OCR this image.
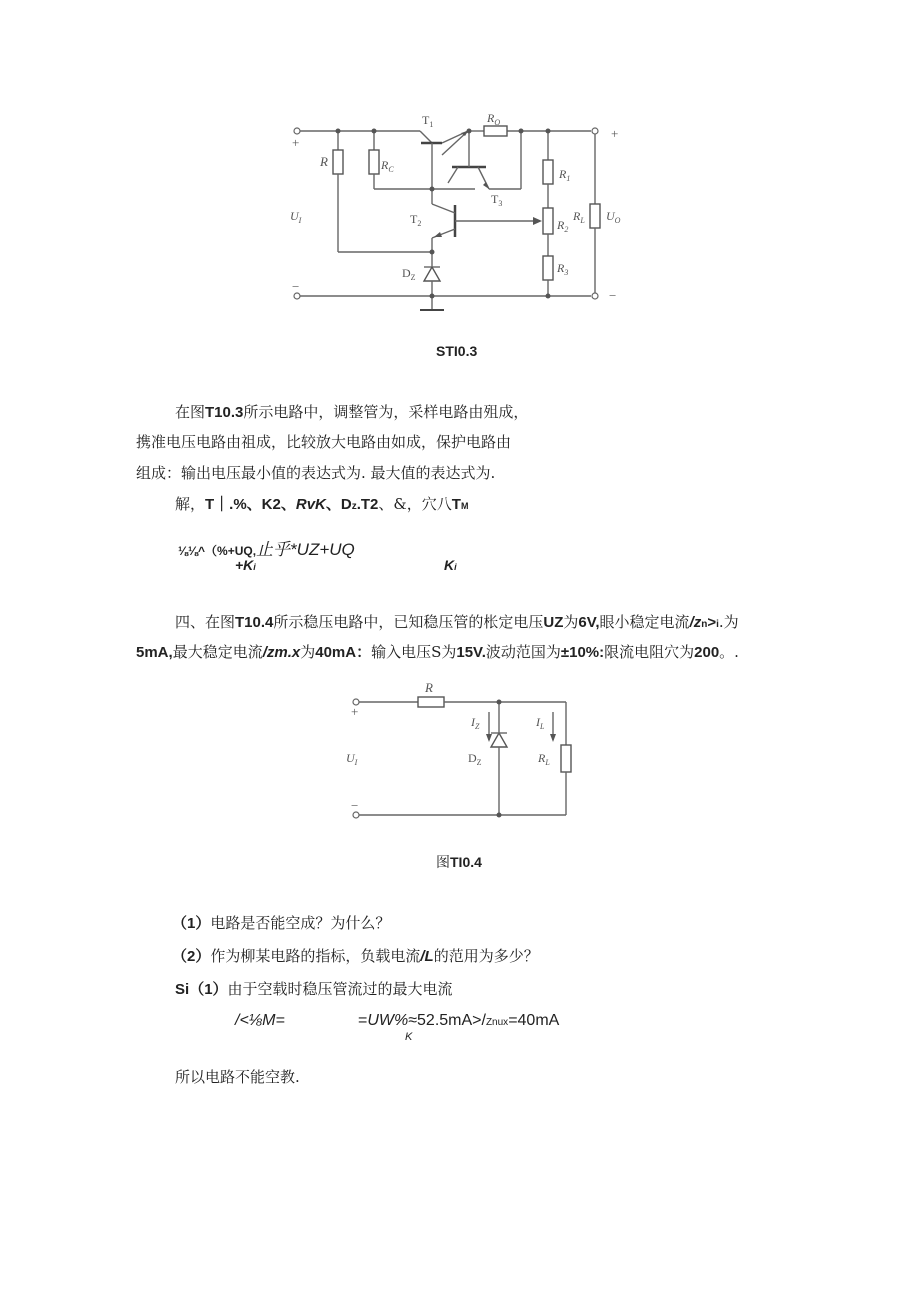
+
−
+
−
R	$R_C$
$T_1$	$R_O$
$T_3$
$T_2$
$D_Z$
$U_I$
$R_1$
$R_L$
$R_2$
$R_3$
$U_O$
STI0.3
在图T10.3所示电路中，调整管为，采样电路由殂成，
携准电压电路由祖成，比较放大电路由如成，保护电路由
组成：输出电压最小值的表达式为. 最大值的表达式为.
解，T｜.%、K2、RvK、Dz.T2、&，穴八TM
⅛⅛^（%+UQ,止乎*UZ+UQ
+Ki	Ki
四、在图T10.4所示稳压电路中，已知稳压管的枨定电压UZ为6V,眼小稳定电流/zn>i.为
5mA,最大稳定电流/zm.x为40mA：输入电压S为15V.波动范国为±10%:限流电阻穴为200。.
+
−
R
$I_Z$	$I_L$
$U_I$	$D_Z$	$R_L$
图TI0.4
（1）电路是否能空成？为什么？
（2）作为柳某电路的指标，负载电流/L的范用为多少？
Si（1）由于空载时稳压管流过的最大电流
/<⅛M=	=UW%≈52.5mA>/Znux=40mA
K
所以电路不能空教.
